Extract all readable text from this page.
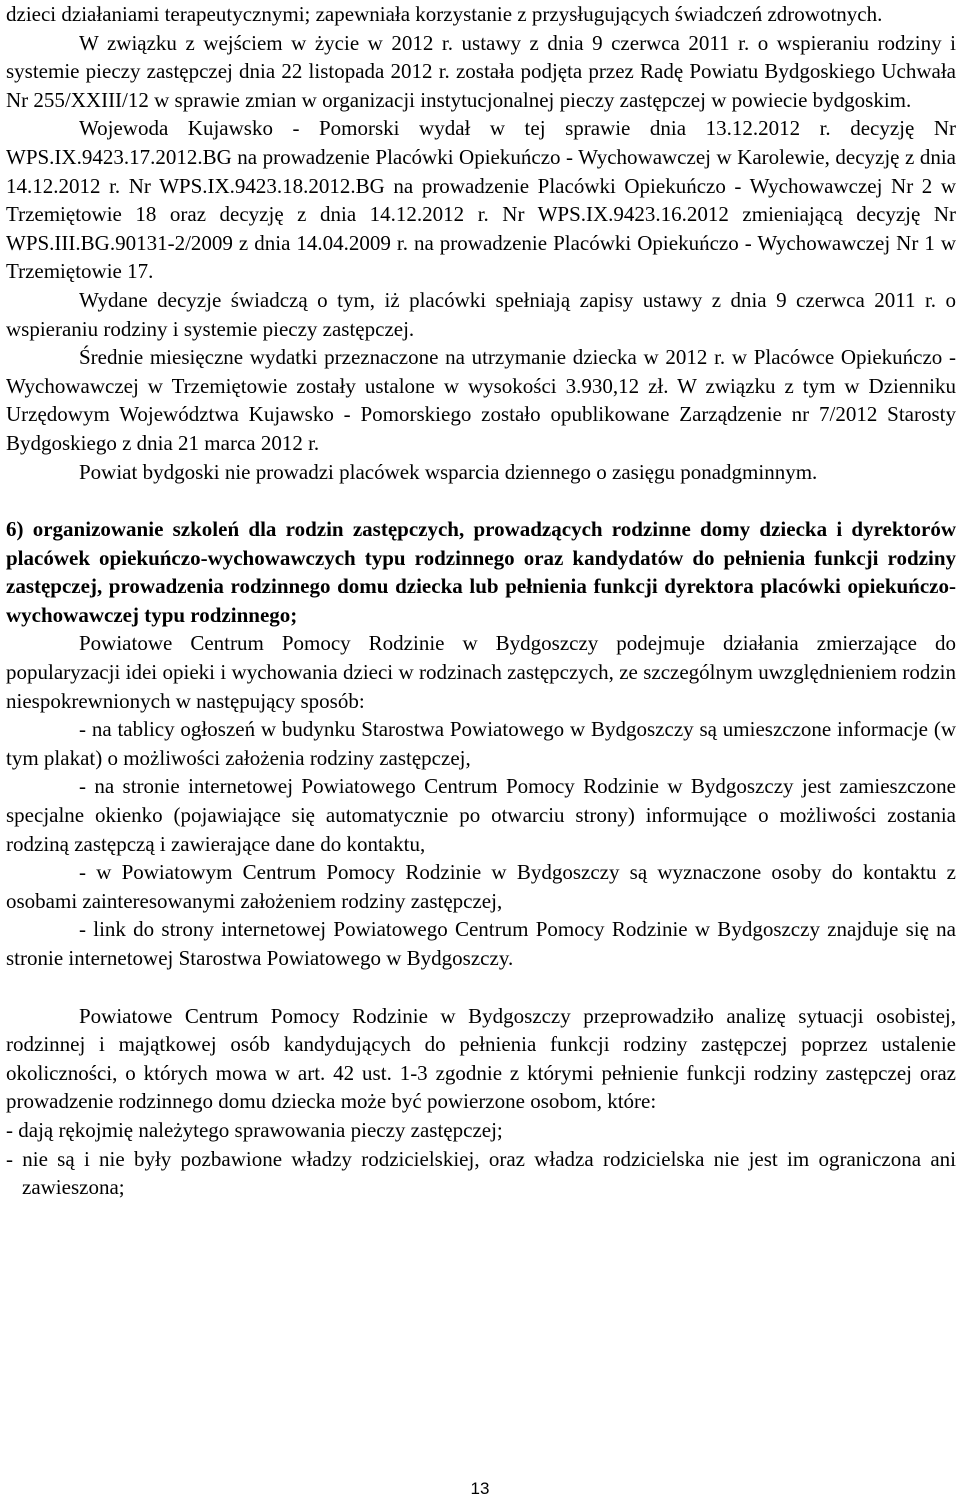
dzieci działaniami terapeutycznymi; zapewniała korzystanie z przysługujących świadczeń zdrowotnych.

W związku z wejściem w życie w 2012 r. ustawy z dnia 9 czerwca 2011 r. o wspieraniu rodziny i systemie pieczy zastępczej dnia 22 listopada 2012 r. została podjęta przez Radę Powiatu Bydgoskiego Uchwała Nr 255/XXIII/12 w sprawie zmian w organizacji instytucjonalnej pieczy zastępczej w powiecie bydgoskim.

Wojewoda Kujawsko - Pomorski wydał w tej sprawie dnia 13.12.2012 r. decyzję Nr WPS.IX.9423.17.2012.BG na prowadzenie Placówki Opiekuńczo - Wychowawczej w Karolewie, decyzję z dnia 14.12.2012 r. Nr WPS.IX.9423.18.2012.BG na prowadzenie Placówki Opiekuńczo - Wychowawczej Nr 2 w Trzemiętowie 18 oraz decyzję z dnia 14.12.2012 r. Nr WPS.IX.9423.16.2012 zmieniającą decyzję Nr WPS.III.BG.90131-2/2009 z dnia 14.04.2009 r. na prowadzenie Placówki Opiekuńczo - Wychowawczej Nr 1 w Trzemiętowie 17.

Wydane decyzje świadczą o tym, iż placówki spełniają zapisy ustawy z dnia 9 czerwca 2011 r. o wspieraniu rodziny i systemie pieczy zastępczej.

Średnie miesięczne wydatki przeznaczone na utrzymanie dziecka w 2012 r. w Placówce Opiekuńczo - Wychowawczej w Trzemiętowie zostały ustalone w wysokości 3.930,12 zł. W związku z tym w Dzienniku Urzędowym Województwa Kujawsko - Pomorskiego zostało opublikowane Zarządzenie nr 7/2012 Starosty Bydgoskiego z dnia 21 marca 2012 r.

Powiat bydgoski nie prowadzi placówek wsparcia dziennego o zasięgu ponadgminnym.

6) organizowanie szkoleń dla rodzin zastępczych, prowadzących rodzinne domy dziecka i dyrektorów placówek opiekuńczo-wychowawczych typu rodzinnego oraz kandydatów do pełnienia funkcji rodziny zastępczej, prowadzenia rodzinnego domu dziecka lub pełnienia funkcji dyrektora placówki opiekuńczo-wychowawczej typu rodzinnego;

Powiatowe Centrum Pomocy Rodzinie w Bydgoszczy podejmuje działania zmierzające do popularyzacji idei opieki i wychowania dzieci w rodzinach zastępczych, ze szczególnym uwzględnieniem rodzin niespokrewnionych w następujący sposób:

- na tablicy ogłoszeń w budynku Starostwa Powiatowego w Bydgoszczy są umieszczone informacje (w tym plakat) o możliwości założenia rodziny zastępczej,

- na stronie internetowej Powiatowego Centrum Pomocy Rodzinie w Bydgoszczy jest zamieszczone specjalne okienko (pojawiające się automatycznie po otwarciu strony) informujące o możliwości zostania rodziną zastępczą i zawierające dane do kontaktu,

- w Powiatowym Centrum Pomocy Rodzinie w Bydgoszczy są wyznaczone osoby do kontaktu z osobami zainteresowanymi założeniem rodziny zastępczej,

- link do strony internetowej Powiatowego Centrum Pomocy Rodzinie w Bydgoszczy znajduje się na stronie internetowej Starostwa Powiatowego w Bydgoszczy.

Powiatowe Centrum Pomocy Rodzinie w Bydgoszczy przeprowadziło analizę sytuacji osobistej, rodzinnej i majątkowej osób kandydujących do pełnienia funkcji rodziny zastępczej poprzez ustalenie okoliczności, o których mowa w art. 42 ust. 1-3 zgodnie z którymi pełnienie funkcji rodziny zastępczej oraz prowadzenie rodzinnego domu dziecka może być powierzone osobom, które:

- dają rękojmię należytego sprawowania pieczy zastępczej;

- nie są i nie były pozbawione władzy rodzicielskiej, oraz władza rodzicielska nie jest im ograniczona ani zawieszona;

13
